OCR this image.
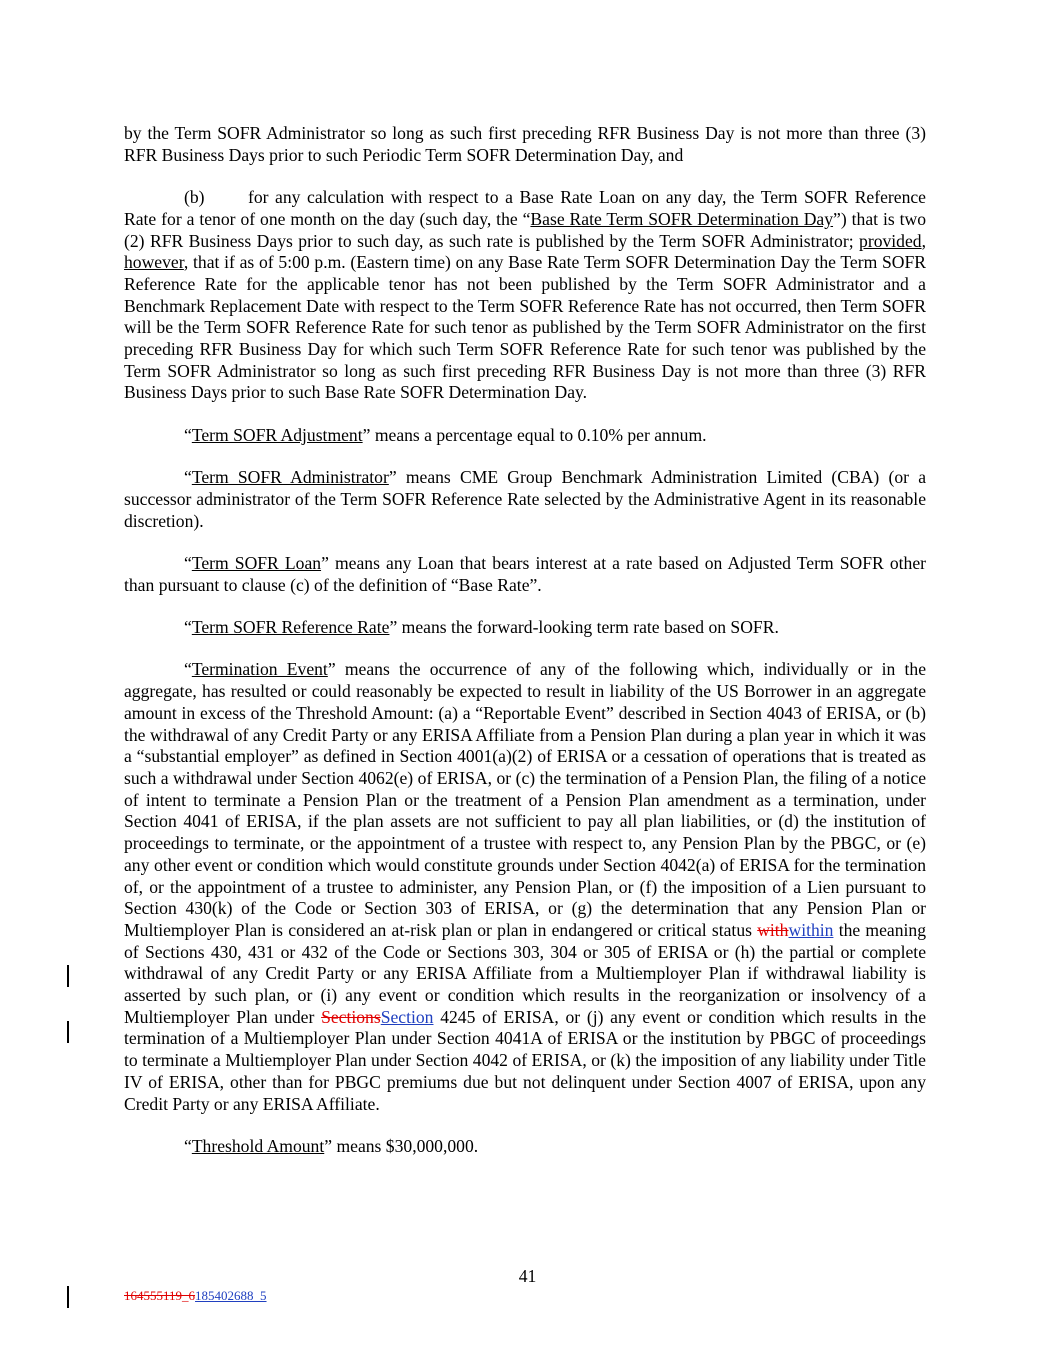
by the Term SOFR Administrator so long as such first preceding RFR Business Day is not more than three (3) RFR Business Days prior to such Periodic Term SOFR Determination Day, and

(b) for any calculation with respect to a Base Rate Loan on any day, the Term SOFR Reference Rate for a tenor of one month on the day (such day, the “Base Rate Term SOFR Determination Day”) that is two (2) RFR Business Days prior to such day, as such rate is published by the Term SOFR Administrator; provided, however, that if as of 5:00 p.m. (Eastern time) on any Base Rate Term SOFR Determination Day the Term SOFR Reference Rate for the applicable tenor has not been published by the Term SOFR Administrator and a Benchmark Replacement Date with respect to the Term SOFR Reference Rate has not occurred, then Term SOFR will be the Term SOFR Reference Rate for such tenor as published by the Term SOFR Administrator on the first preceding RFR Business Day for which such Term SOFR Reference Rate for such tenor was published by the Term SOFR Administrator so long as such first preceding RFR Business Day is not more than three (3) RFR Business Days prior to such Base Rate SOFR Determination Day.

“Term SOFR Adjustment” means a percentage equal to 0.10% per annum.

“Term SOFR Administrator” means CME Group Benchmark Administration Limited (CBA) (or a successor administrator of the Term SOFR Reference Rate selected by the Administrative Agent in its reasonable discretion).

“Term SOFR Loan” means any Loan that bears interest at a rate based on Adjusted Term SOFR other than pursuant to clause (c) of the definition of “Base Rate”.

“Term SOFR Reference Rate” means the forward-looking term rate based on SOFR.

“Termination Event” means the occurrence of any of the following which, individually or in the aggregate, has resulted or could reasonably be expected to result in liability of the US Borrower in an aggregate amount in excess of the Threshold Amount: (a) a “Reportable Event” described in Section 4043 of ERISA, or (b) the withdrawal of any Credit Party or any ERISA Affiliate from a Pension Plan during a plan year in which it was a “substantial employer” as defined in Section 4001(a)(2) of ERISA or a cessation of operations that is treated as such a withdrawal under Section 4062(e) of ERISA, or (c) the termination of a Pension Plan, the filing of a notice of intent to terminate a Pension Plan or the treatment of a Pension Plan amendment as a termination, under Section 4041 of ERISA, if the plan assets are not sufficient to pay all plan liabilities, or (d) the institution of proceedings to terminate, or the appointment of a trustee with respect to, any Pension Plan by the PBGC, or (e) any other event or condition which would constitute grounds under Section 4042(a) of ERISA for the termination of, or the appointment of a trustee to administer, any Pension Plan, or (f) the imposition of a Lien pursuant to Section 430(k) of the Code or Section 303 of ERISA, or (g) the determination that any Pension Plan or Multiemployer Plan is considered an at-risk plan or plan in endangered or critical status withwithin the meaning of Sections 430, 431 or 432 of the Code or Sections 303, 304 or 305 of ERISA or (h) the partial or complete withdrawal of any Credit Party or any ERISA Affiliate from a Multiemployer Plan if withdrawal liability is asserted by such plan, or (i) any event or condition which results in the reorganization or insolvency of a Multiemployer Plan under SectionsSection 4245 of ERISA, or (j) any event or condition which results in the termination of a Multiemployer Plan under Section 4041A of ERISA or the institution by PBGC of proceedings to terminate a Multiemployer Plan under Section 4042 of ERISA, or (k) the imposition of any liability under Title IV of ERISA, other than for PBGC premiums due but not delinquent under Section 4007 of ERISA, upon any Credit Party or any ERISA Affiliate.

“Threshold Amount” means $30,000,000.

41
164555119_6185402688_5
